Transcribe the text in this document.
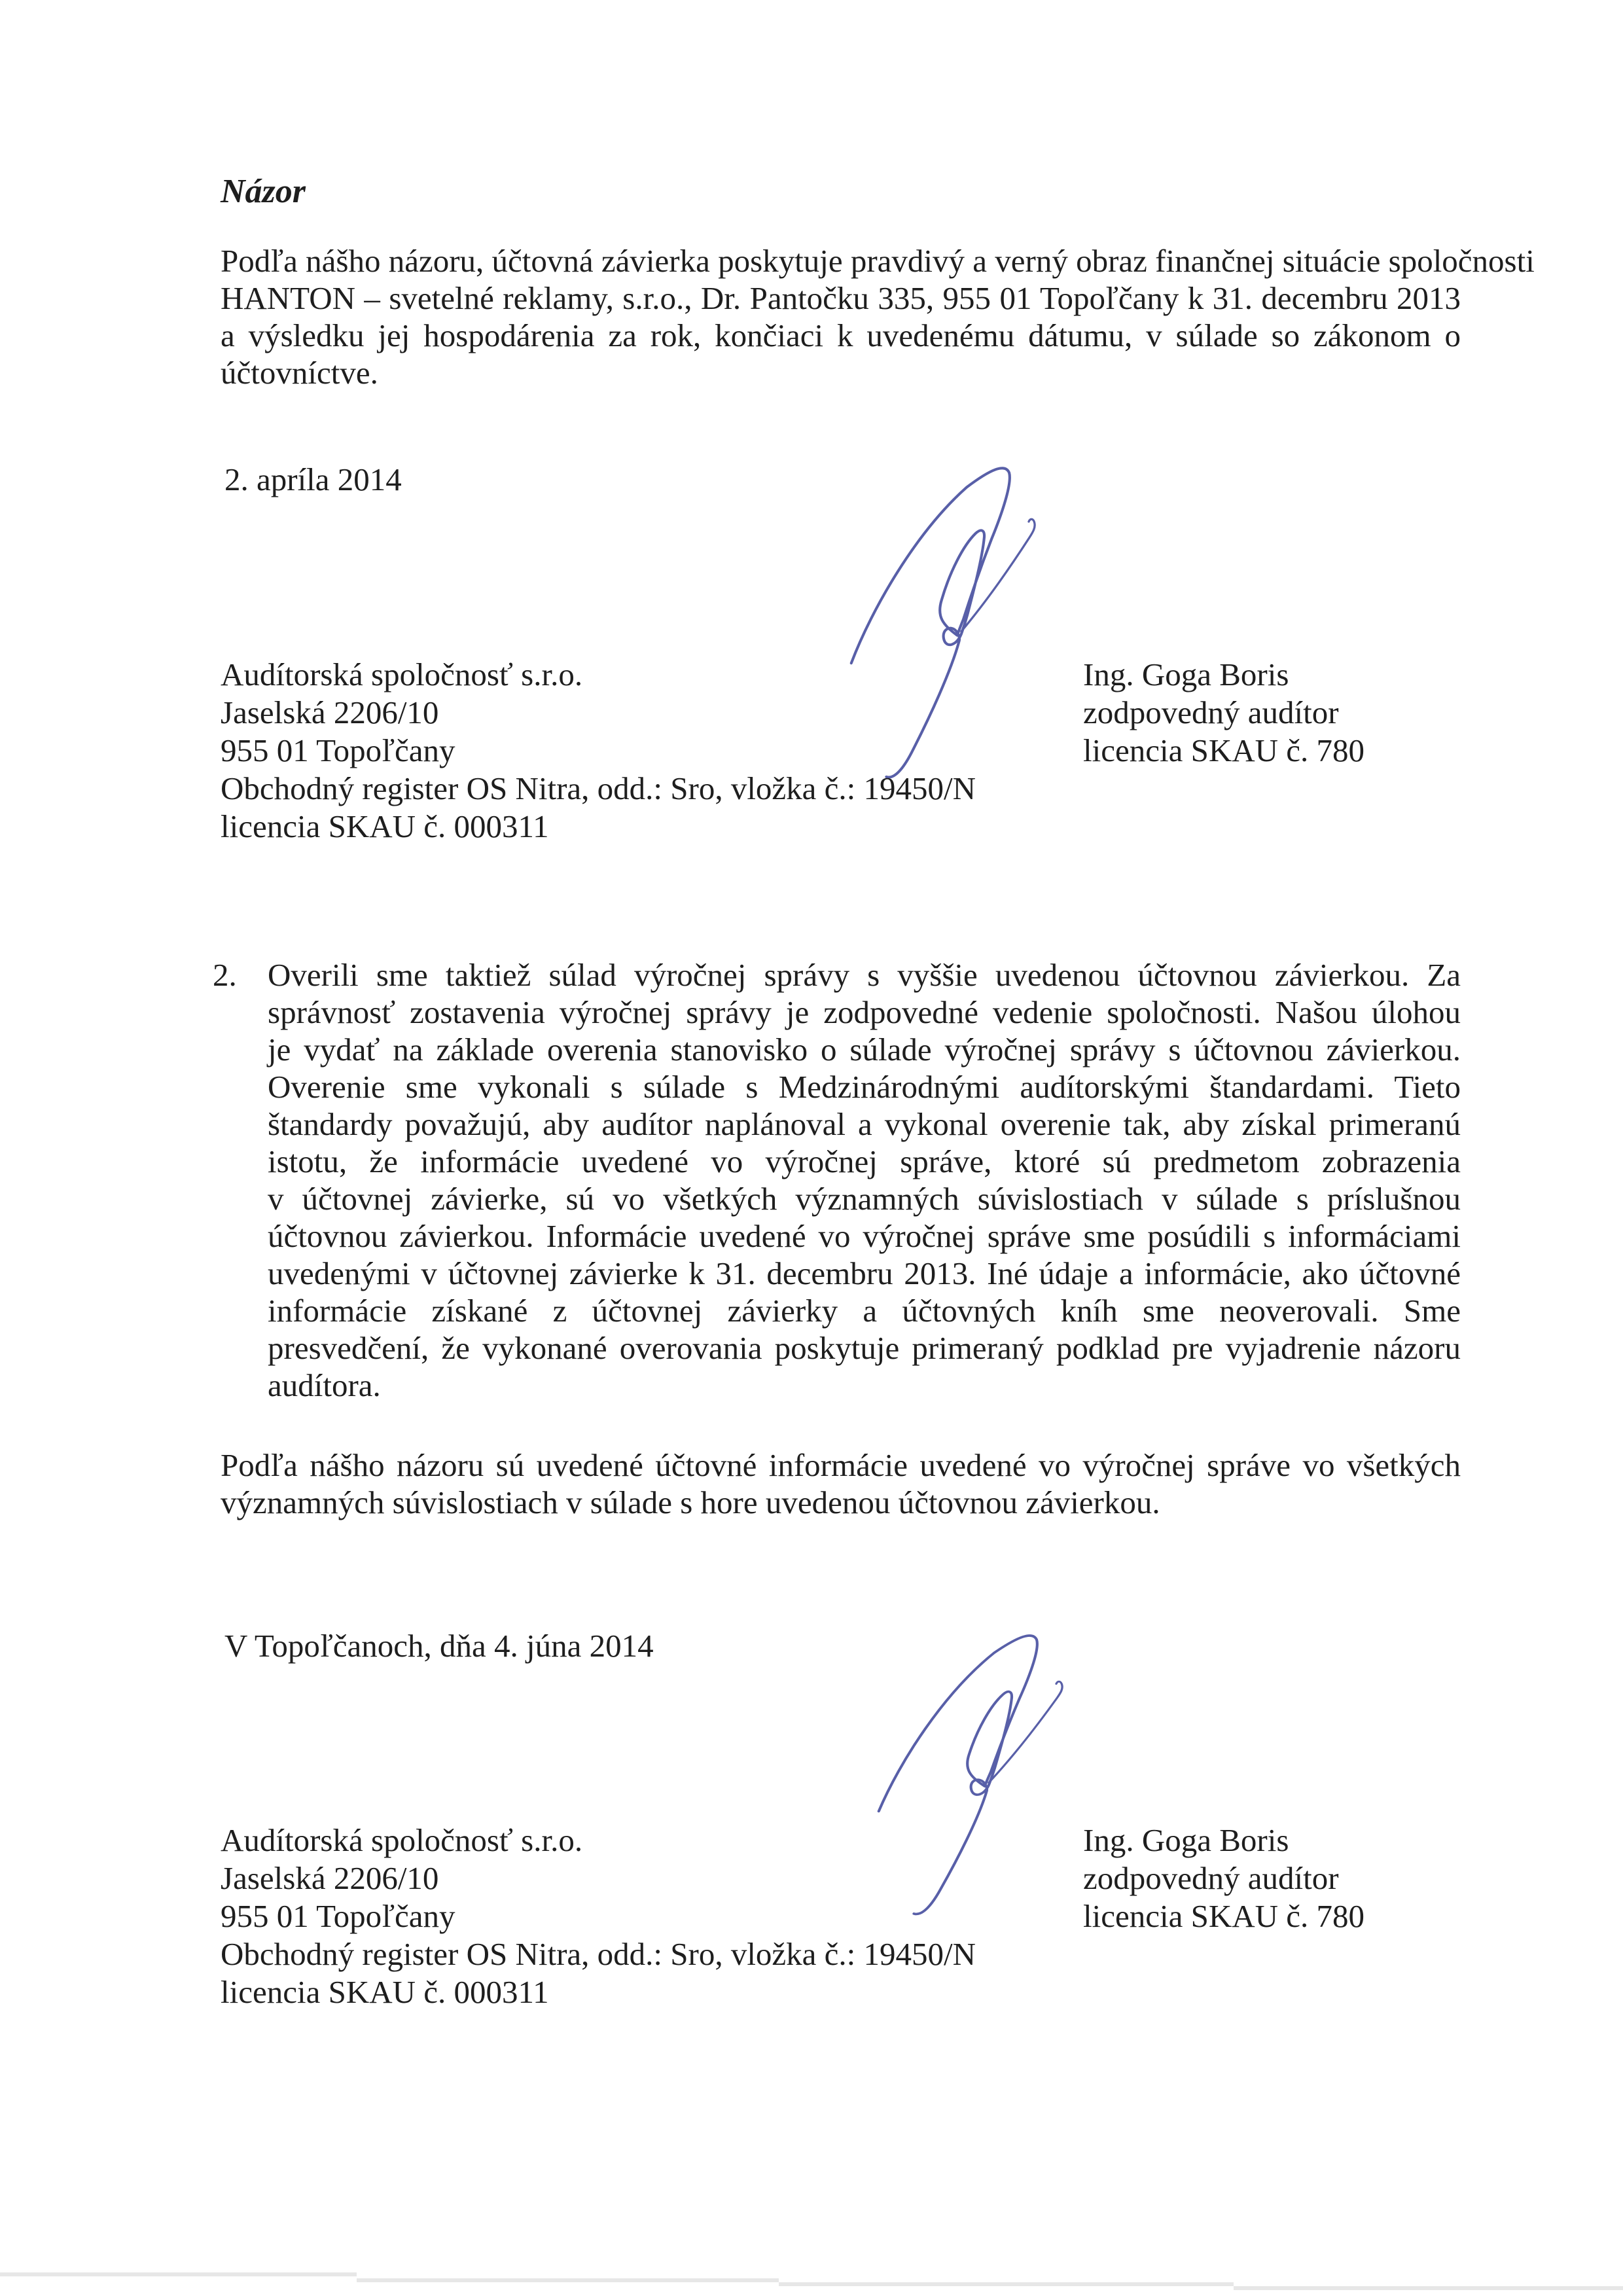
Názor
Podľa nášho názoru, účtovná závierka poskytuje pravdivý a verný obraz finančnej situácie spoločnosti
HANTON – svetelné reklamy, s.r.o., Dr. Pantočku 335, 955 01 Topoľčany k 31. decembru 2013
a výsledku jej hospodárenia za rok, končiaci k uvedenému dátumu, v súlade so zákonom o
účtovníctve.
2. apríla 2014
Audítorská spoločnosť s.r.o.
Jaselská 2206/10
955 01 Topoľčany
Obchodný register OS Nitra, odd.: Sro, vložka č.: 19450/N
licencia SKAU č. 000311
Ing. Goga Boris
zodpovedný audítor
licencia SKAU č. 780
2. Overili sme taktiež súlad výročnej správy s vyššie uvedenou účtovnou závierkou. Za
správnosť zostavenia výročnej správy je zodpovedné vedenie spoločnosti. Našou úlohou
je vydať na základe overenia stanovisko o súlade výročnej správy s účtovnou závierkou.
Overenie sme vykonali s súlade s Medzinárodnými audítorskými štandardami. Tieto
štandardy považujú, aby audítor naplánoval a vykonal overenie tak, aby získal primeranú
istotu, že informácie uvedené vo výročnej správe, ktoré sú predmetom zobrazenia
v účtovnej závierke, sú vo všetkých významných súvislostiach v súlade s príslušnou
účtovnou závierkou. Informácie uvedené vo výročnej správe sme posúdili s informáciami
uvedenými v účtovnej závierke k 31. decembru 2013. Iné údaje a informácie, ako účtovné
informácie získané z účtovnej závierky a účtovných kníh sme neoverovali. Sme
presvedčení, že vykonané overovania poskytuje primeraný podklad pre vyjadrenie názoru
audítora.
Podľa nášho názoru sú uvedené účtovné informácie uvedené vo výročnej správe vo všetkých
významných súvislostiach v súlade s hore uvedenou účtovnou závierkou.
V Topoľčanoch, dňa 4. júna 2014
Audítorská spoločnosť s.r.o.
Jaselská 2206/10
955 01 Topoľčany
Obchodný register OS Nitra, odd.: Sro, vložka č.: 19450/N
licencia SKAU č. 000311
Ing. Goga Boris
zodpovedný audítor
licencia SKAU č. 780
